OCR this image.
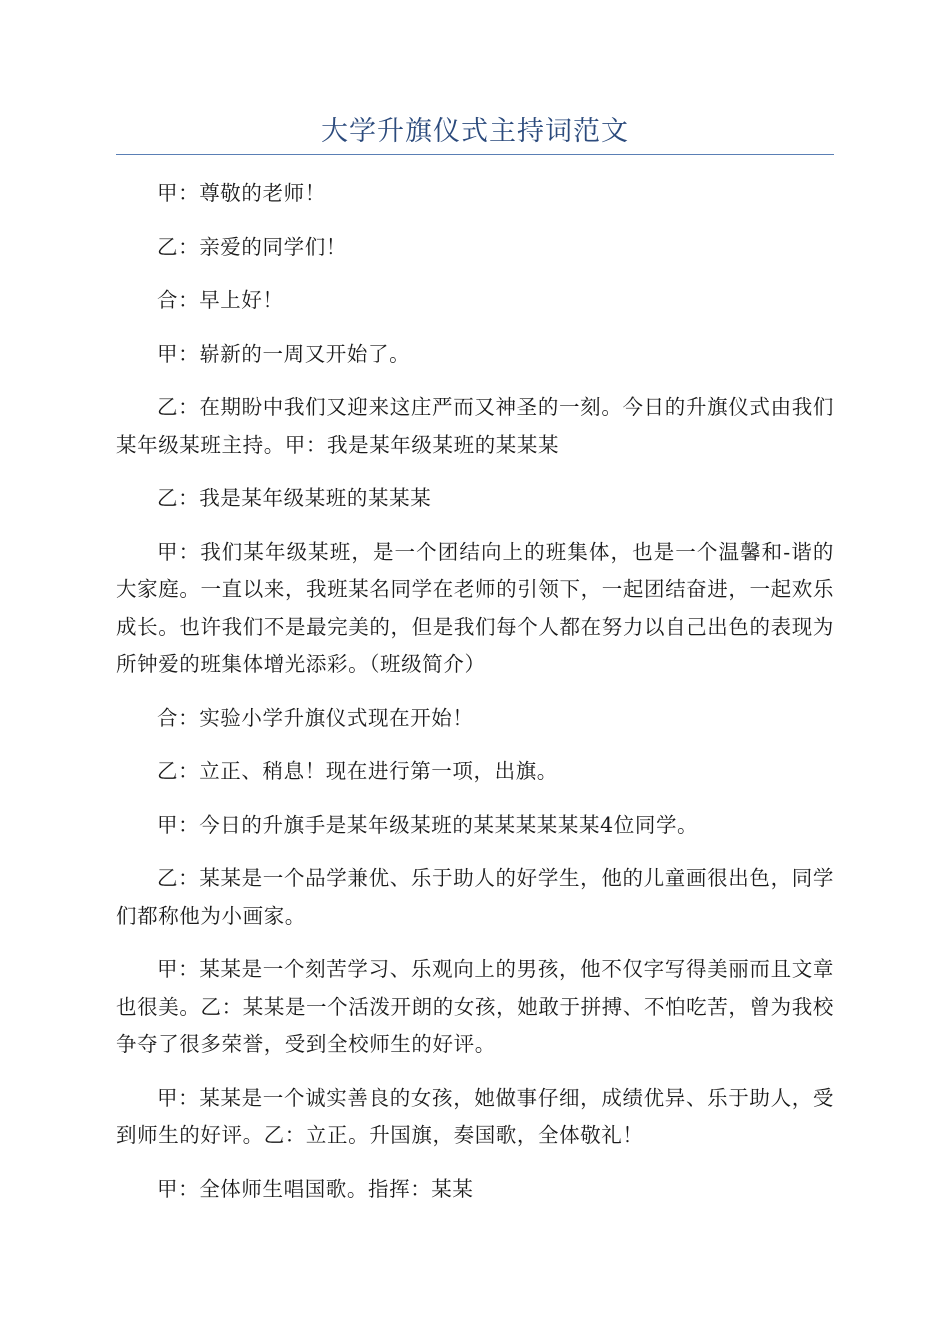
大学升旗仪式主持词范文

甲：尊敬的老师！

乙：亲爱的同学们！

合：早上好！

甲：崭新的一周又开始了。

乙：在期盼中我们又迎来这庄严而又神圣的一刻。今日的升旗仪式由我们某年级某班主持。甲：我是某年级某班的某某某

乙：我是某年级某班的某某某

甲：我们某年级某班，是一个团结向上的班集体，也是一个温馨和-谐的大家庭。一直以来，我班某名同学在老师的引领下，一起团结奋进，一起欢乐成长。也许我们不是最完美的，但是我们每个人都在努力以自己出色的表现为所钟爱的班集体增光添彩。（班级简介）

合：实验小学升旗仪式现在开始！

乙：立正、稍息！现在进行第一项，出旗。

甲：今日的升旗手是某年级某班的某某某某某某4位同学。

乙：某某是一个品学兼优、乐于助人的好学生，他的儿童画很出色，同学们都称他为小画家。

甲：某某是一个刻苦学习、乐观向上的男孩，他不仅字写得美丽而且文章也很美。乙：某某是一个活泼开朗的女孩，她敢于拼搏、不怕吃苦，曾为我校争夺了很多荣誉，受到全校师生的好评。

甲：某某是一个诚实善良的女孩，她做事仔细，成绩优异、乐于助人，受到师生的好评。乙：立正。升国旗，奏国歌，全体敬礼！

甲：全体师生唱国歌。指挥：某某
